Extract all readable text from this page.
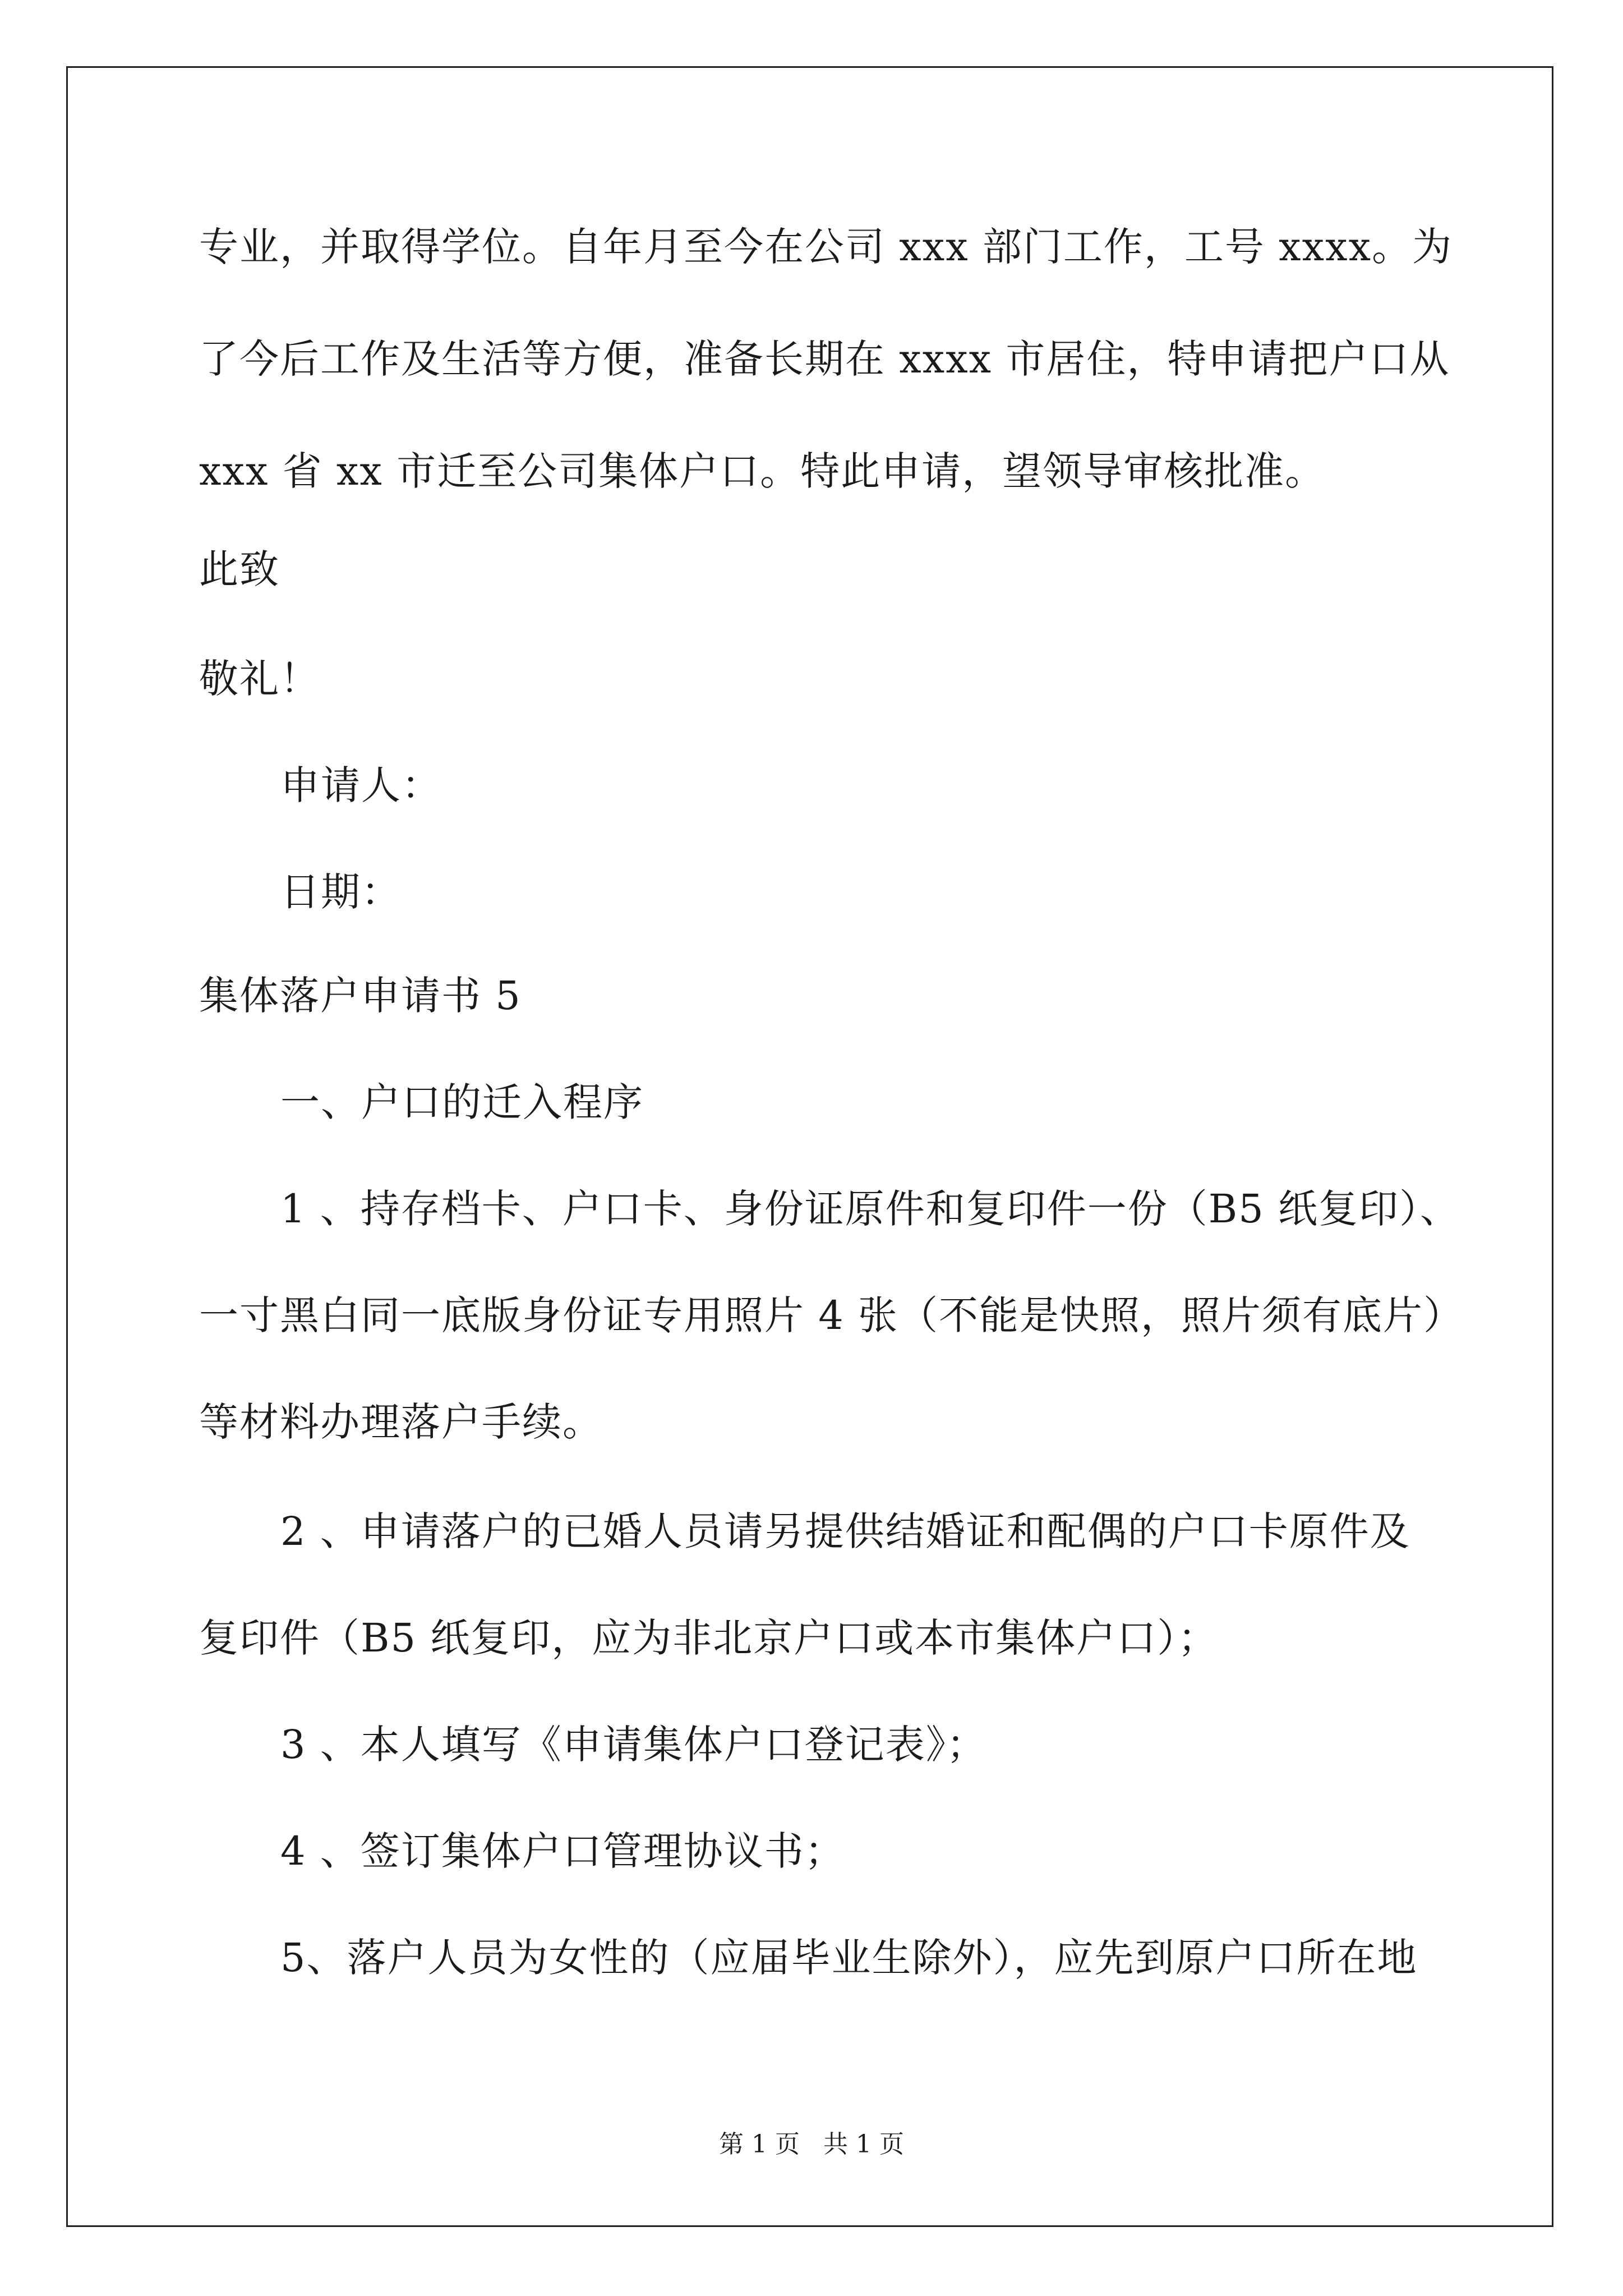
专业，并取得学位。自年月至今在公司 xxx 部门工作，工号 xxxx。为
了今后工作及生活等方便，准备长期在 xxxx 市居住，特申请把户口从
xxx 省 xx 市迁至公司集体户口。特此申请，望领导审核批准。
此致
敬礼！
申请人：
日期：
集体落户申请书 5
一、户口的迁入程序
1 、持存档卡、户口卡、身份证原件和复印件一份（B5 纸复印）、
一寸黑白同一底版身份证专用照片 4 张（不能是快照，照片须有底片）
等材料办理落户手续。
2 、申请落户的已婚人员请另提供结婚证和配偶的户口卡原件及
复印件（B5 纸复印，应为非北京户口或本市集体户口）；
3 、本人填写《申请集体户口登记表》；
4 、签订集体户口管理协议书；
5、落户人员为女性的（应届毕业生除外），应先到原户口所在地
第 1 页   共 1 页
